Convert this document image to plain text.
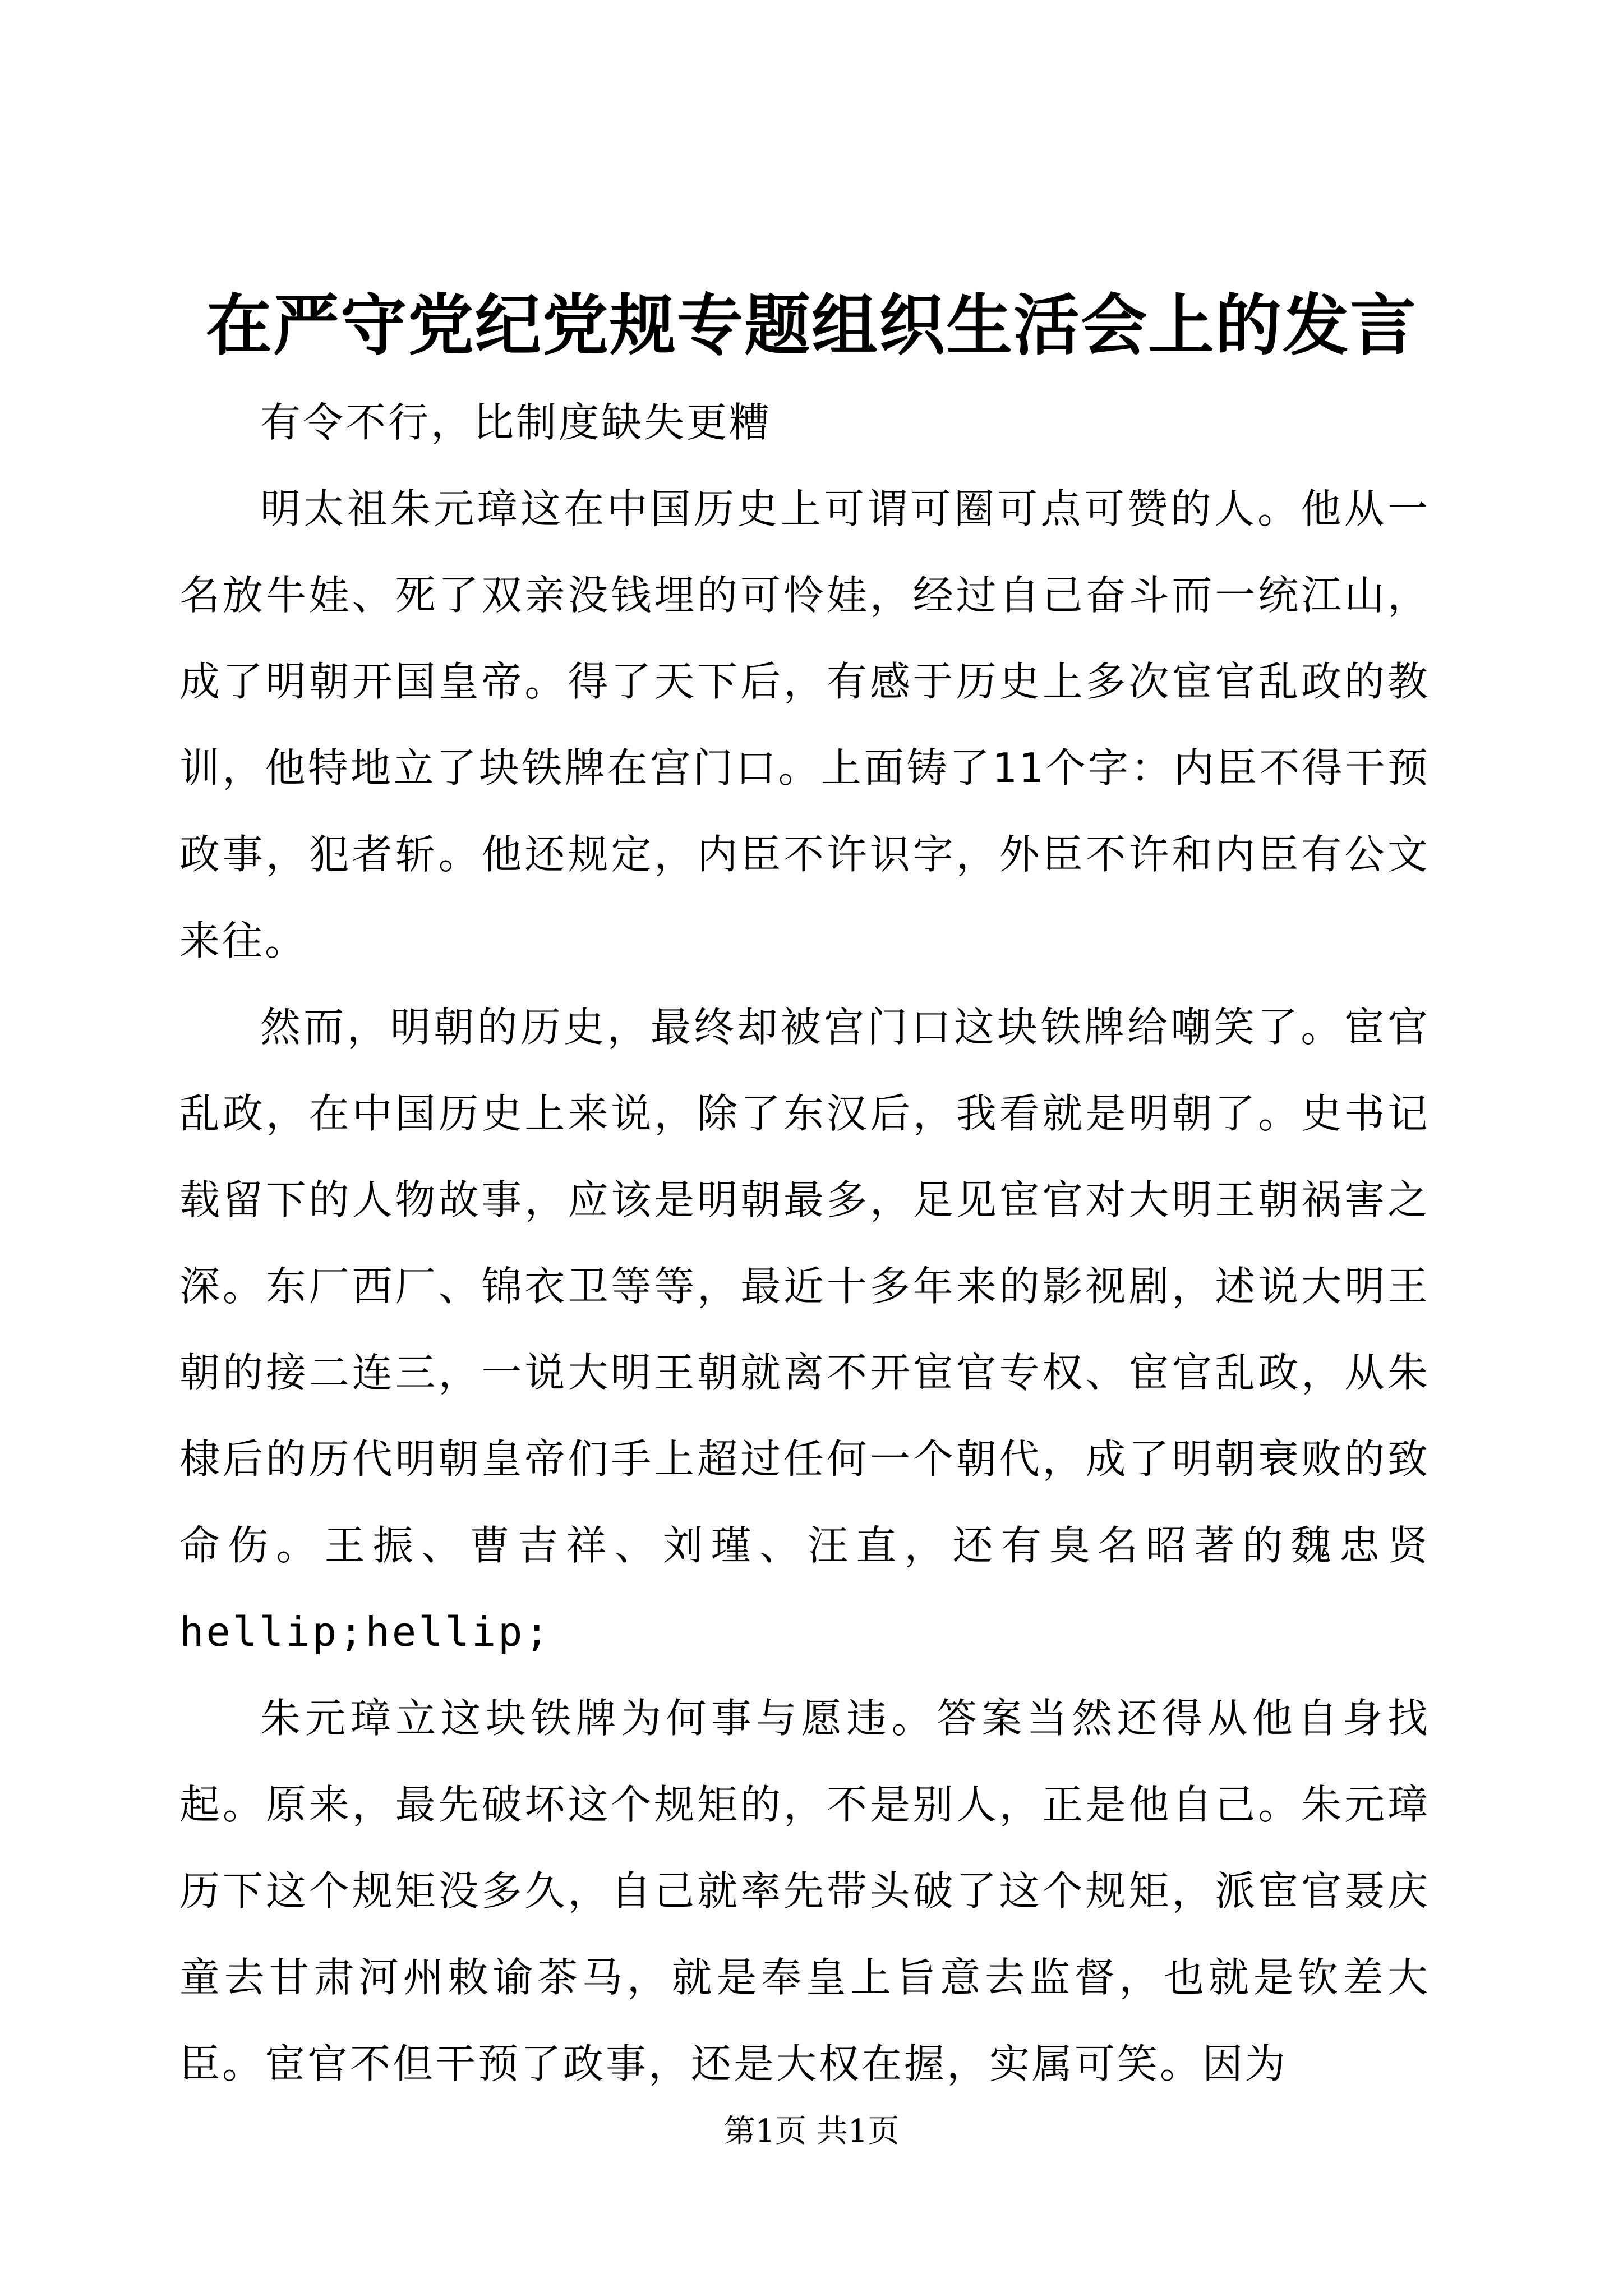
在严守党纪党规专题组织生活会上的发言

有令不行，比制度缺失更糟

明太祖朱元璋这在中国历史上可谓可圈可点可赞的人。他从一名放牛娃、死了双亲没钱埋的可怜娃，经过自己奋斗而一统江山，成了明朝开国皇帝。得了天下后，有感于历史上多次宦官乱政的教训，他特地立了块铁牌在宫门口。上面铸了11个字：内臣不得干预政事，犯者斩。他还规定，内臣不许识字，外臣不许和内臣有公文来往。

然而，明朝的历史，最终却被宫门口这块铁牌给嘲笑了。宦官乱政，在中国历史上来说，除了东汉后，我看就是明朝了。史书记载留下的人物故事，应该是明朝最多，足见宦官对大明王朝祸害之深。东厂西厂、锦衣卫等等，最近十多年来的影视剧，述说大明王朝的接二连三，一说大明王朝就离不开宦官专权、宦官乱政，从朱棣后的历代明朝皇帝们手上超过任何一个朝代，成了明朝衰败的致命伤。王振、曹吉祥、刘瑾、汪直，还有臭名昭著的魏忠贤hellip;hellip;

朱元璋立这块铁牌为何事与愿违。答案当然还得从他自身找起。原来，最先破坏这个规矩的，不是别人，正是他自己。朱元璋历下这个规矩没多久，自己就率先带头破了这个规矩，派宦官聂庆童去甘肃河州敕谕茶马，就是奉皇上旨意去监督，也就是钦差大臣。宦官不但干预了政事，还是大权在握，实属可笑。因为

第1页 共1页
